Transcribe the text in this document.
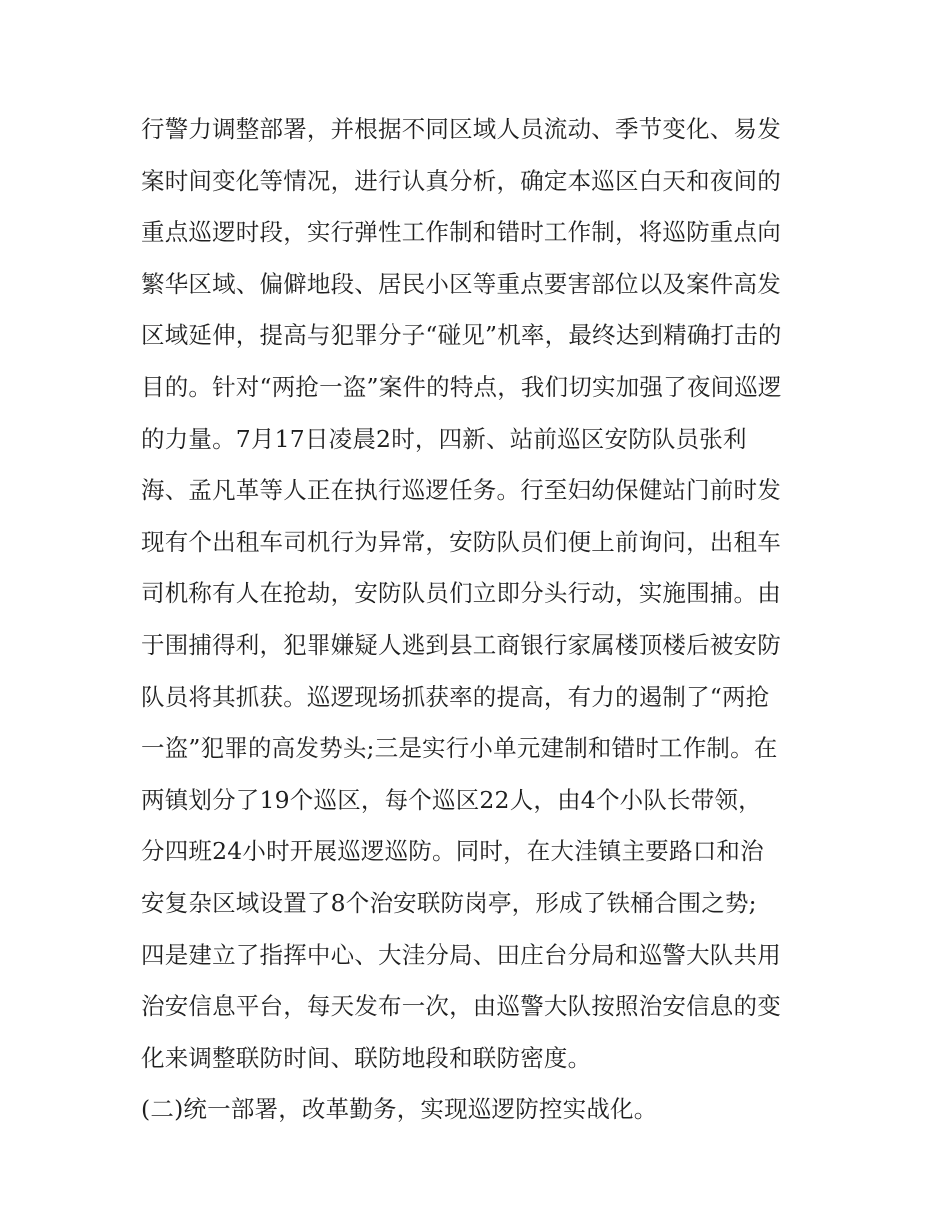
行警力调整部署，并根据不同区域人员流动、季节变化、易发
案时间变化等情况，进行认真分析，确定本巡区白天和夜间的
重点巡逻时段，实行弹性工作制和错时工作制，将巡防重点向
繁华区域、偏僻地段、居民小区等重点要害部位以及案件高发
区域延伸，提高与犯罪分子“碰见”机率，最终达到精确打击的
目的。针对“两抢一盗”案件的特点，我们切实加强了夜间巡逻
的力量。7月17日凌晨2时，四新、站前巡区安防队员张利
海、孟凡革等人正在执行巡逻任务。行至妇幼保健站门前时发
现有个出租车司机行为异常，安防队员们便上前询问，出租车
司机称有人在抢劫，安防队员们立即分头行动，实施围捕。由
于围捕得利，犯罪嫌疑人逃到县工商银行家属楼顶楼后被安防
队员将其抓获。巡逻现场抓获率的提高，有力的遏制了“两抢
一盗”犯罪的高发势头;三是实行小单元建制和错时工作制。在
两镇划分了19个巡区，每个巡区22人，由4个小队长带领，
分四班24小时开展巡逻巡防。同时，在大洼镇主要路口和治
安复杂区域设置了8个治安联防岗亭，形成了铁桶合围之势;
四是建立了指挥中心、大洼分局、田庄台分局和巡警大队共用
治安信息平台，每天发布一次，由巡警大队按照治安信息的变
化来调整联防时间、联防地段和联防密度。
(二)统一部署，改革勤务，实现巡逻防控实战化。
